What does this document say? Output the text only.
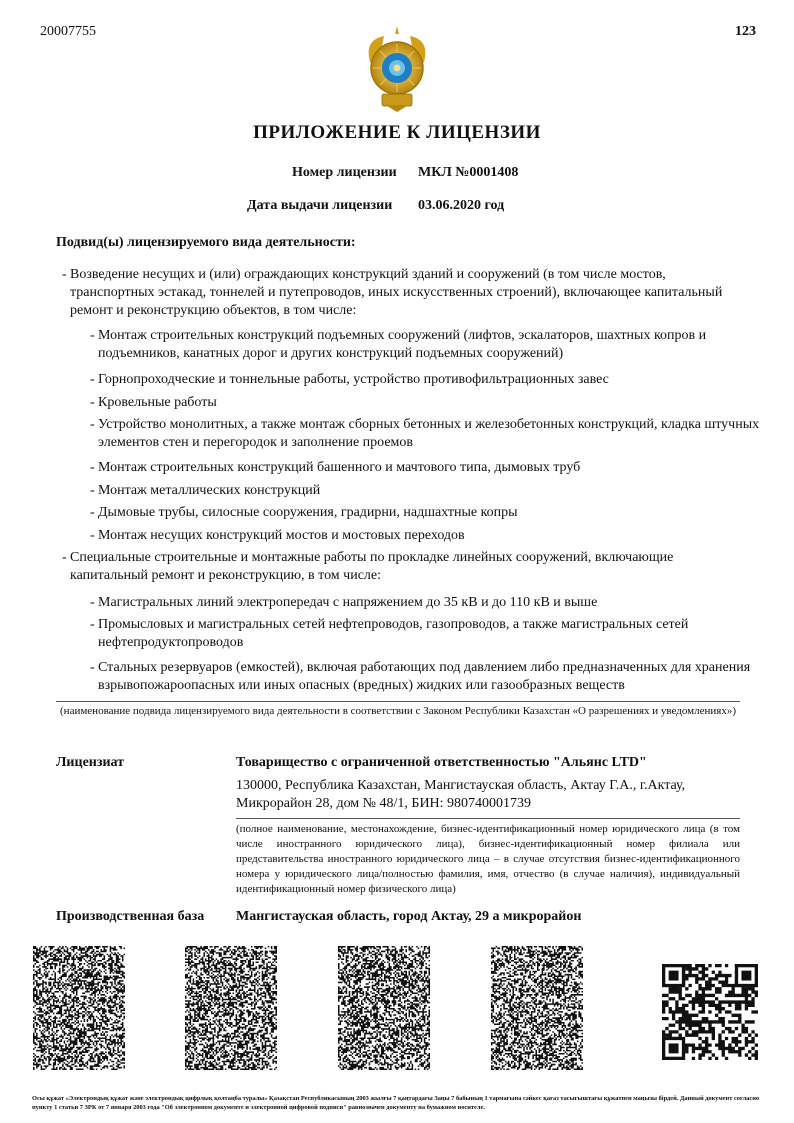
20007755	123
ПРИЛОЖЕНИЕ К ЛИЦЕНЗИИ
Номер лицензии МКЛ №0001408
Дата выдачи лицензии 03.06.2020 год
Подвид(ы) лицензируемого вида деятельности:
- Возведение несущих и (или) ограждающих конструкций зданий и сооружений (в том числе мостов, транспортных эстакад, тоннелей и путепроводов, иных искусственных строений), включающее капитальный ремонт и реконструкцию объектов, в том числе:
- Монтаж строительных конструкций подъемных сооружений (лифтов, эскалаторов, шахтных копров и подъемников, канатных дорог и других конструкций подъемных сооружений)
- Горнопроходческие и тоннельные работы, устройство противофильтрационных завес
- Кровельные работы
- Устройство монолитных, а также монтаж сборных бетонных и железобетонных конструкций, кладка штучных элементов стен и перегородок и заполнение проемов
- Монтаж строительных конструкций башенного и мачтового типа, дымовых труб
- Монтаж металлических конструкций
- Дымовые трубы, силосные сооружения, градирни, надшахтные копры
- Монтаж несущих конструкций мостов и мостовых переходов
- Специальные строительные и монтажные работы по прокладке линейных сооружений, включающие капитальный ремонт и реконструкцию, в том числе:
- Магистральных линий электропередач с напряжением до 35 кВ и до 110 кВ и выше
- Промысловых и магистральных сетей нефтепроводов, газопроводов, а также магистральных сетей нефтепродуктопроводов
- Стальных резервуаров (емкостей), включая работающих под давлением либо предназначенных для хранения взрывопожароопасных или иных опасных (вредных) жидких или газообразных веществ
(наименование подвида лицензируемого вида деятельности в соответствии с Законом Республики Казахстан «О разрешениях и уведомлениях»)
Лицензиат	Товарищество с ограниченной ответственностью "Альянс LTD"
130000, Республика Казахстан, Мангистауская область, Актау Г.А., г.Актау,
Микрорайон 28, дом № 48/1, БИН: 980740001739
(полное наименование, местонахождение, бизнес-идентификационный номер юридического лица (в том числе иностранного юридического лица), бизнес-идентификационный номер филиала или представительства иностранного юридического лица – в случае отсутствия бизнес-идентификационного номера у юридического лица/полностью фамилия, имя, отчество (в случае наличия), индивидуальный идентификационный номер физического лица)
Производственная база Мангистауская область, город Актау, 29 а микрорайон
Осы құжат «Электрондық құжат және электрондық цифрлық қолтаңба туралы» Қазақстан Республикасының 2003 жылғы 7 қаңтардағы Заңы 7 бабының 1 тармағына сәйкес қағаз тасығыштағы құжатпен маңызы бірдей. Данный документ согласно пункту 1 статьи 7 ЗРК от 7 января 2003 года "Об электронном документе и электронной цифровой подписи" равнозначен документу на бумажном носителе.
